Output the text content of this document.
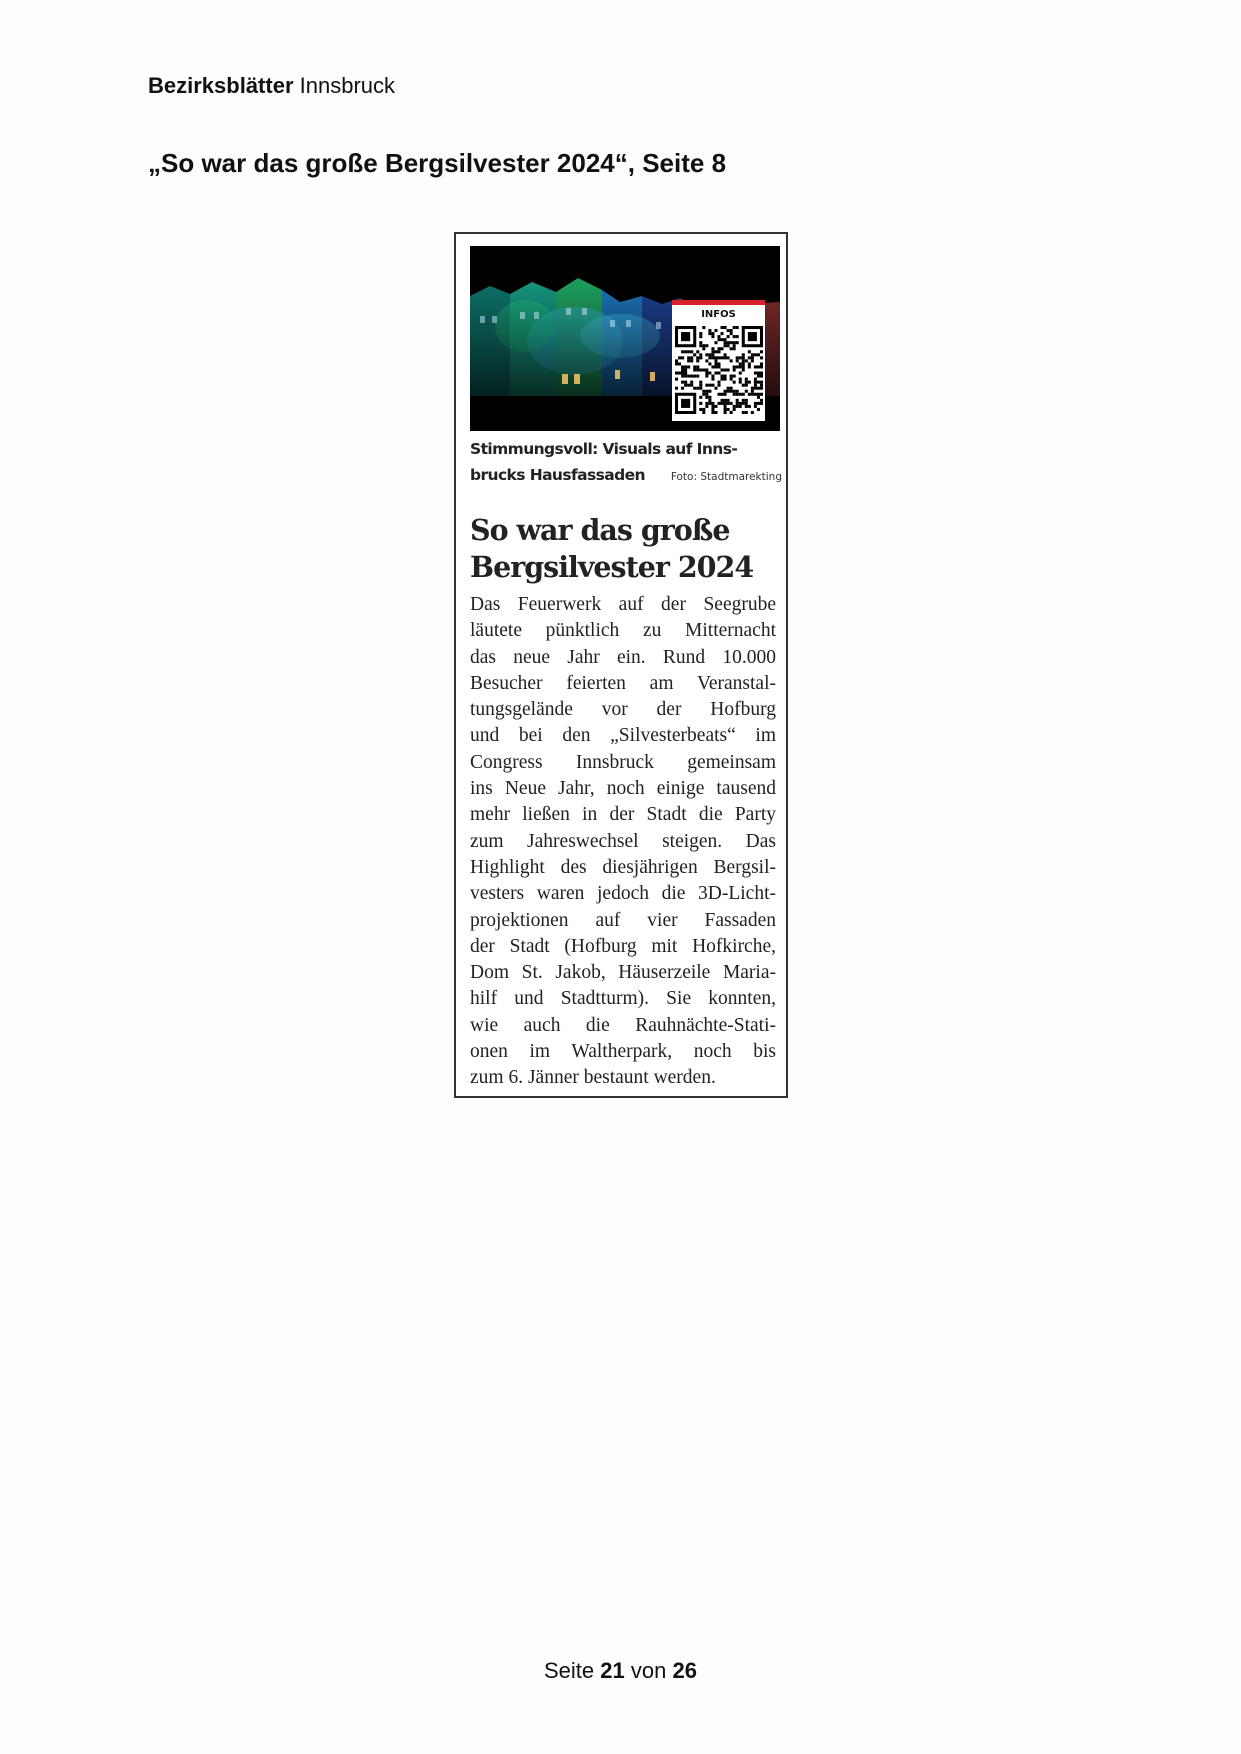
Bezirksblätter Innsbruck
„So war das große Bergsilvester 2024“, Seite 8
INFOS
Stimmungsvoll: Visuals auf Inns-
brucks Hausfassaden Foto: Stadtmarekting
So war das große
Bergsilvester 2024

Das Feuerwerk auf der Seegrube
läutete pünktlich zu Mitternacht
das neue Jahr ein. Rund 10.000
Besucher feierten am Veranstal-
tungsgelände vor der Hofburg
und bei den „Silvesterbeats“ im
Congress Innsbruck gemeinsam
ins Neue Jahr, noch einige tausend
mehr ließen in der Stadt die Party
zum Jahreswechsel steigen. Das
Highlight des diesjährigen Bergsil-
vesters waren jedoch die 3D-Licht-
projektionen auf vier Fassaden
der Stadt (Hofburg mit Hofkirche,
Dom St. Jakob, Häuserzeile Maria-
hilf und Stadtturm). Sie konnten,
wie auch die Rauhnächte-Stati-
onen im Waltherpark, noch bis
zum 6. Jänner bestaunt werden.

Seite 21 von 26
